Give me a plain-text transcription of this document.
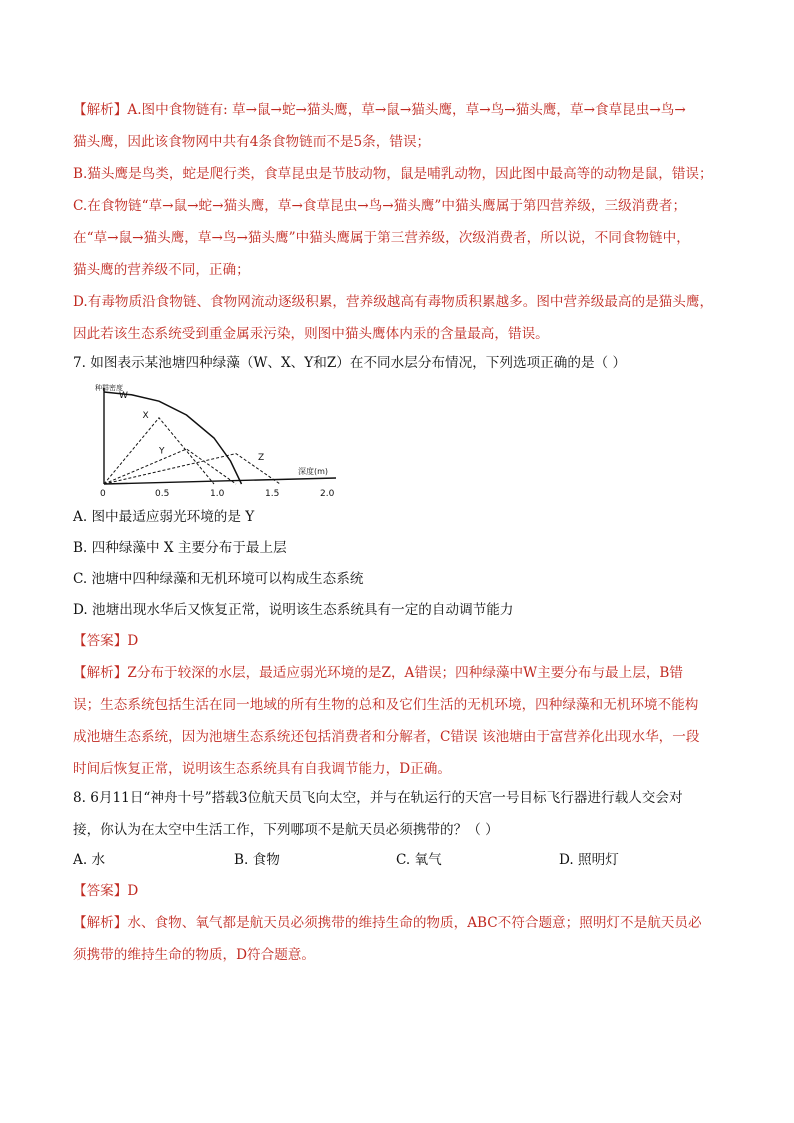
【解析】A.图中食物链有: 草→鼠→蛇→猫头鹰，草→鼠→猫头鹰，草→鸟→猫头鹰，草→食草昆虫→鸟→
猫头鹰，因此该食物网中共有4条食物链而不是5条，错误；
B.猫头鹰是鸟类，蛇是爬行类，食草昆虫是节肢动物，鼠是哺乳动物，因此图中最高等的动物是鼠，错误；
C.在食物链“草→鼠→蛇→猫头鹰，草→食草昆虫→鸟→猫头鹰”中猫头鹰属于第四营养级，三级消费者；
在“草→鼠→猫头鹰，草→鸟→猫头鹰”中猫头鹰属于第三营养级，次级消费者，所以说，不同食物链中，
猫头鹰的营养级不同，正确；
D.有毒物质沿食物链、食物网流动逐级积累，营养级越高有毒物质积累越多。图中营养级最高的是猫头鹰，
因此若该生态系统受到重金属汞污染，则图中猫头鹰体内汞的含量最高，错误。
7. 如图表示某池塘四种绿藻（W、X、Y和Z）在不同水层分布情况，下列选项正确的是（ ）
种群密度
W
X
Y
Z
0	0.5	1.0	1.5	2.0
深度(m)
A. 图中最适应弱光环境的是 Y
B. 四种绿藻中 X 主要分布于最上层
C. 池塘中四种绿藻和无机环境可以构成生态系统
D. 池塘出现水华后又恢复正常，说明该生态系统具有一定的自动调节能力
【答案】D
【解析】Z分布于较深的水层，最适应弱光环境的是Z，A错误；四种绿藻中W主要分布与最上层，B错
误；生态系统包括生活在同一地域的所有生物的总和及它们生活的无机环境，四种绿藻和无机环境不能构
成池塘生态系统，因为池塘生态系统还包括消费者和分解者，C错误 该池塘由于富营养化出现水华，一段
时间后恢复正常，说明该生态系统具有自我调节能力，D正确。
8. 6月11日“神舟十号”搭载3位航天员飞向太空，并与在轨运行的天宫一号目标飞行器进行载人交会对
接，你认为在太空中生活工作，下列哪项不是航天员必须携带的？（ ）
A. 水	B. 食物	C. 氧气	D. 照明灯
【答案】D
【解析】水、食物、氧气都是航天员必须携带的维持生命的物质，ABC不符合题意；照明灯不是航天员必
须携带的维持生命的物质，D符合题意。
